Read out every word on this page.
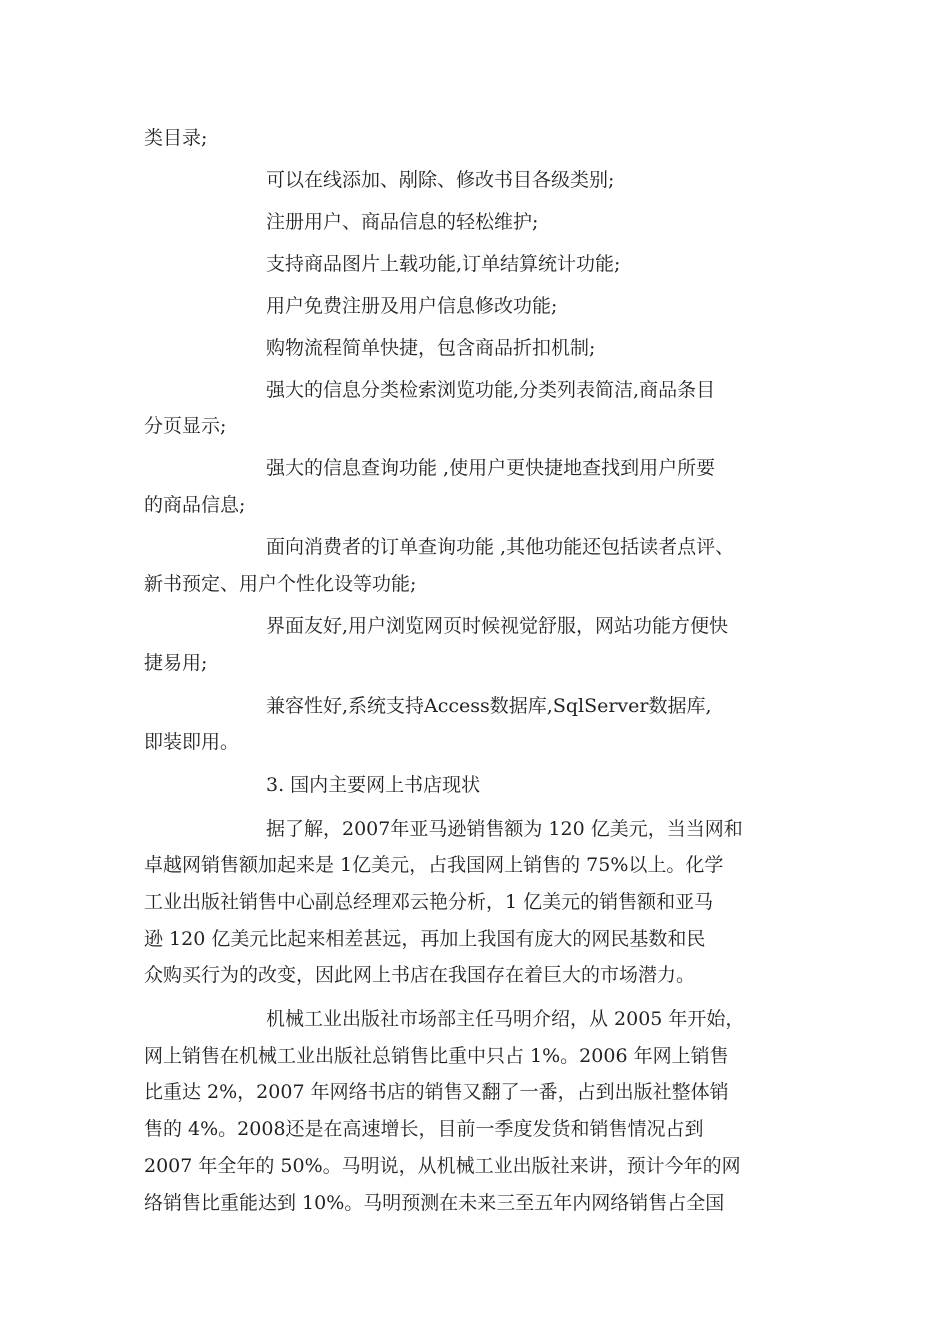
类目录;
可以在线添加、剐除、修改书目各级类别;
注册用户、商品信息的轻松维护;
支持商品图片上载功能,订单结算统计功能;
用户免费注册及用户信息修改功能;
购物流程简单快捷，包含商品折扣机制;
强大的信息分类检索浏览功能,分类列表简洁,商品条目
分页显示;
强大的信息查询功能 ,使用户更快捷地查找到用户所要
的商品信息;
面向消费者的订单查询功能 ,其他功能还包括读者点评、
新书预定、用户个性化设等功能;
界面友好,用户浏览网页时候视觉舒服，网站功能方便快
捷易用;
兼容性好,系统支持Access数据库,SqlServer数据库,
即装即用。
3. 国内主要网上书店现状
据了解，2007年亚马逊销售额为 120 亿美元，当当网和
卓越网销售额加起来是 1亿美元，占我国网上销售的 75%以上。化学
工业出版社销售中心副总经理邓云艳分析，1 亿美元的销售额和亚马
逊 120 亿美元比起来相差甚远，再加上我国有庞大的网民基数和民
众购买行为的改变，因此网上书店在我国存在着巨大的市场潜力。
机械工业出版社市场部主任马明介绍，从 2005 年开始，
网上销售在机械工业出版社总销售比重中只占 1%。2006 年网上销售
比重达 2%，2007 年网络书店的销售又翻了一番，占到出版社整体销
售的 4%。2008还是在高速增长，目前一季度发货和销售情况占到
2007 年全年的 50%。马明说，从机械工业出版社来讲，预计今年的网
络销售比重能达到 10%。马明预测在未来三至五年内网络销售占全国
